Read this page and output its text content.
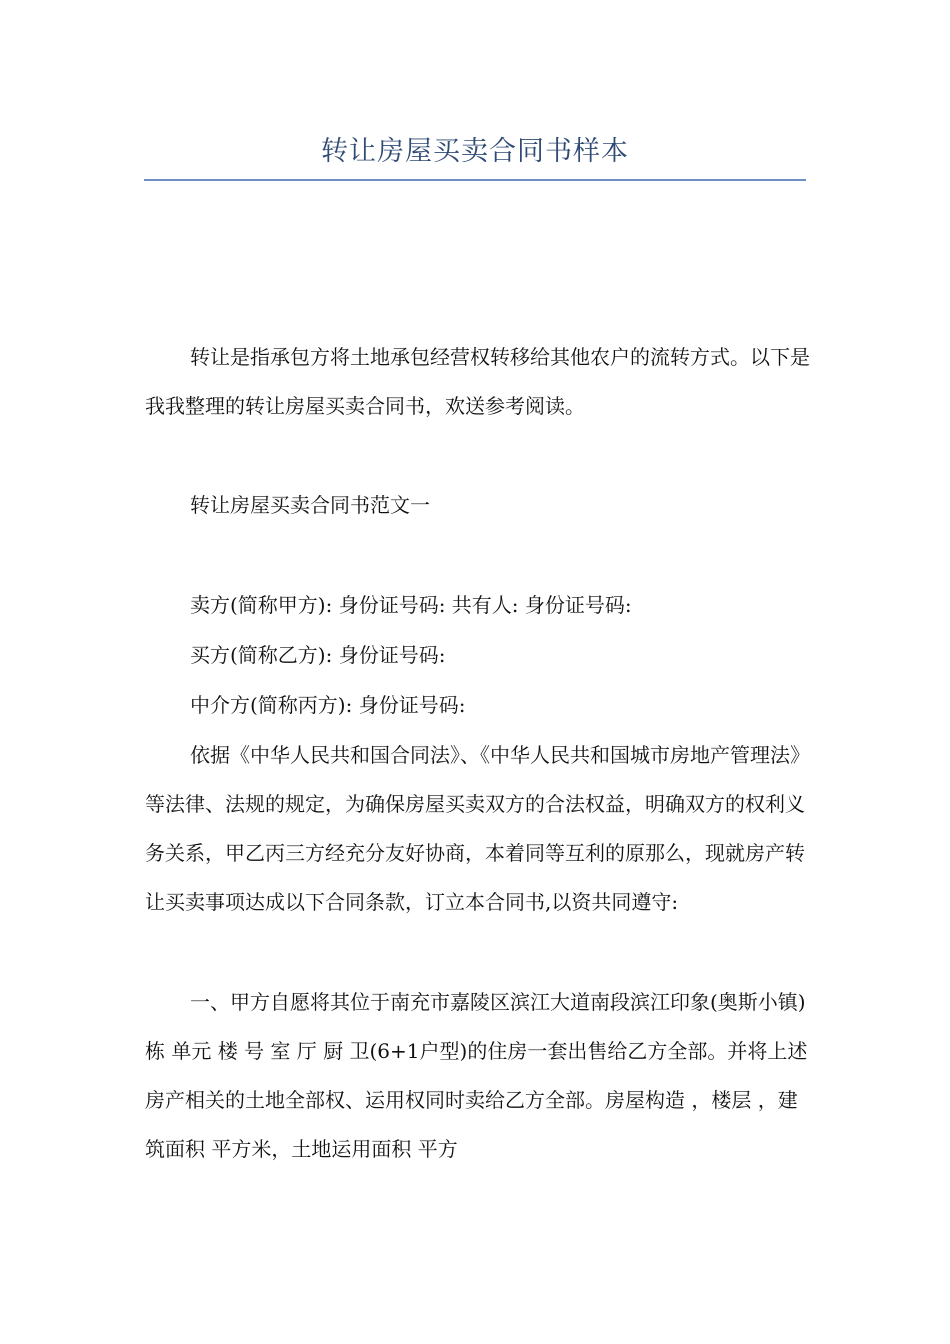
转让房屋买卖合同书样本

转让是指承包方将土地承包经营权转移给其他农户的流转方式。以下是我我整理的转让房屋买卖合同书，欢送参考阅读。

转让房屋买卖合同书范文一

卖方(简称甲方): 身份证号码: 共有人: 身份证号码:

买方(简称乙方): 身份证号码:

中介方(简称丙方): 身份证号码:

依据《中华人民共和国合同法》、《中华人民共和国城市房地产管理法》等法律、法规的规定，为确保房屋买卖双方的合法权益，明确双方的权利义务关系，甲乙丙三方经充分友好协商，本着同等互利的原那么，现就房产转让买卖事项达成以下合同条款，订立本合同书,以资共同遵守:

一、甲方自愿将其位于南充市嘉陵区滨江大道南段滨江印象(奥斯小镇) 栋 单元 楼 号 室 厅 厨 卫(6+1户型)的住房一套出售给乙方全部。并将上述房产相关的土地全部权、运用权同时卖给乙方全部。房屋构造 ，楼层 ，建筑面积 平方米，土地运用面积 平方
